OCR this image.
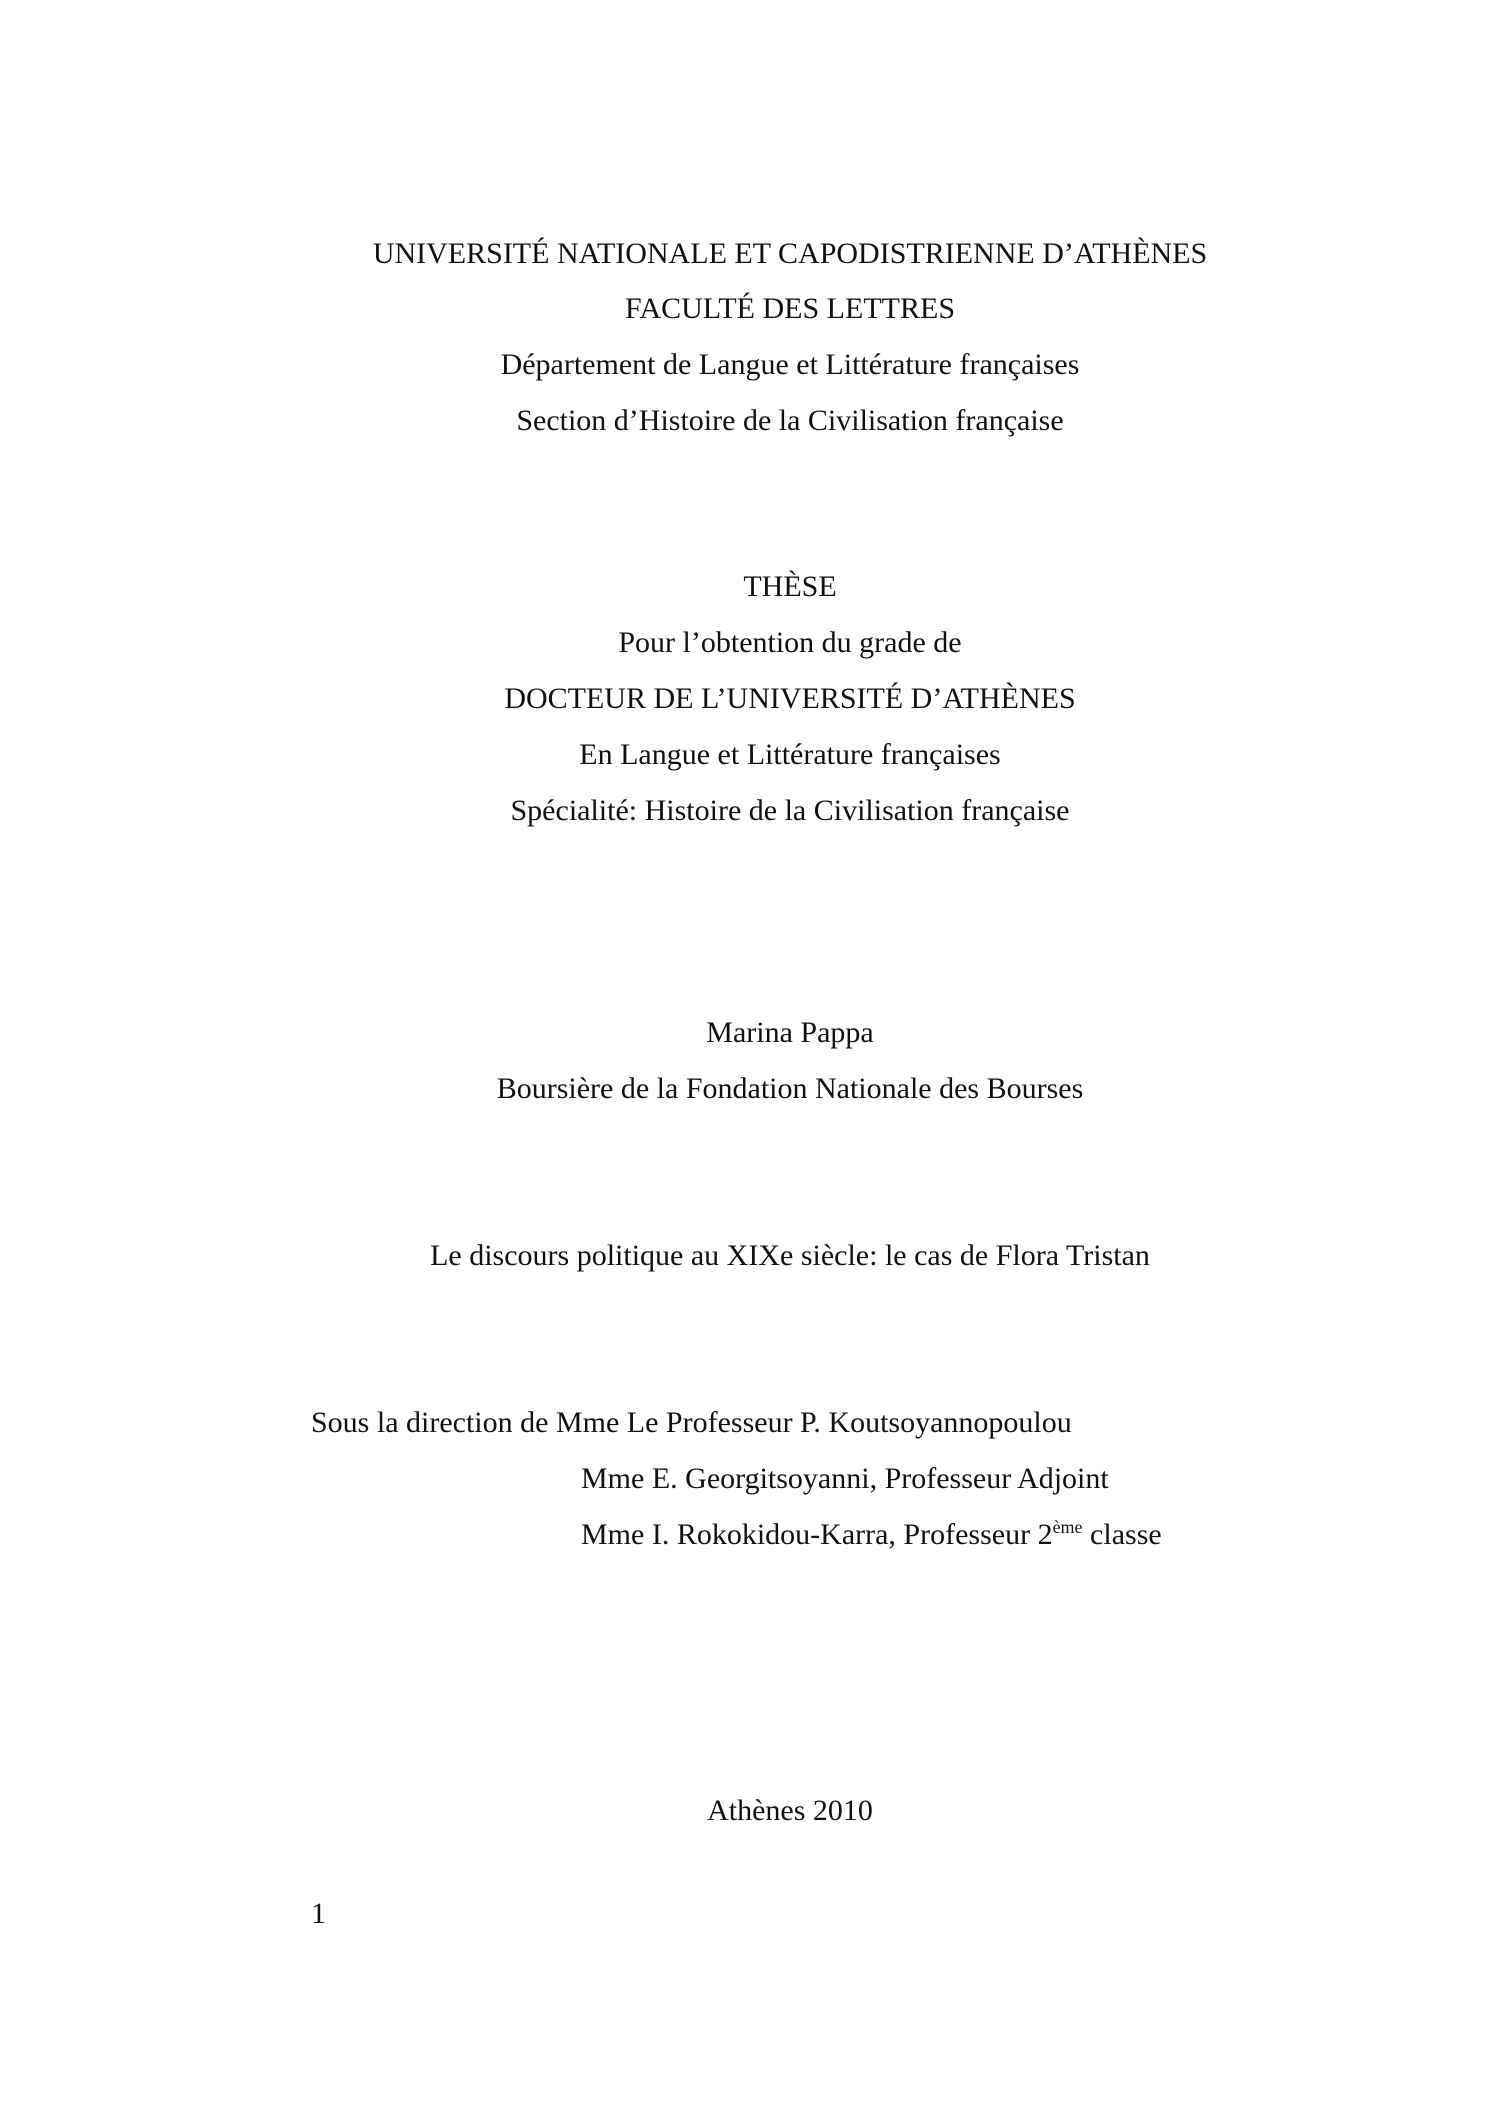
UNIVERSITÉ NATIONALE ET CAPODISTRIENNE D’ATHÈNES
FACULTÉ DES LETTRES
Département de Langue et Littérature françaises
Section d’Histoire de la Civilisation française
THÈSE
Pour l’obtention du grade de
DOCTEUR DE L’UNIVERSITÉ D’ATHÈNES
En Langue et Littérature françaises
Spécialité: Histoire de la Civilisation française
Marina Pappa
Boursière de la Fondation Nationale des Bourses
Le discours politique au XIXe siècle: le cas de Flora Tristan
Sous la direction de Mme Le Professeur P. Koutsoyannopoulou
Mme E. Georgitsoyanni, Professeur Adjoint
Mme I. Rokokidou-Karra, Professeur 2ème classe
Athènes 2010
1
